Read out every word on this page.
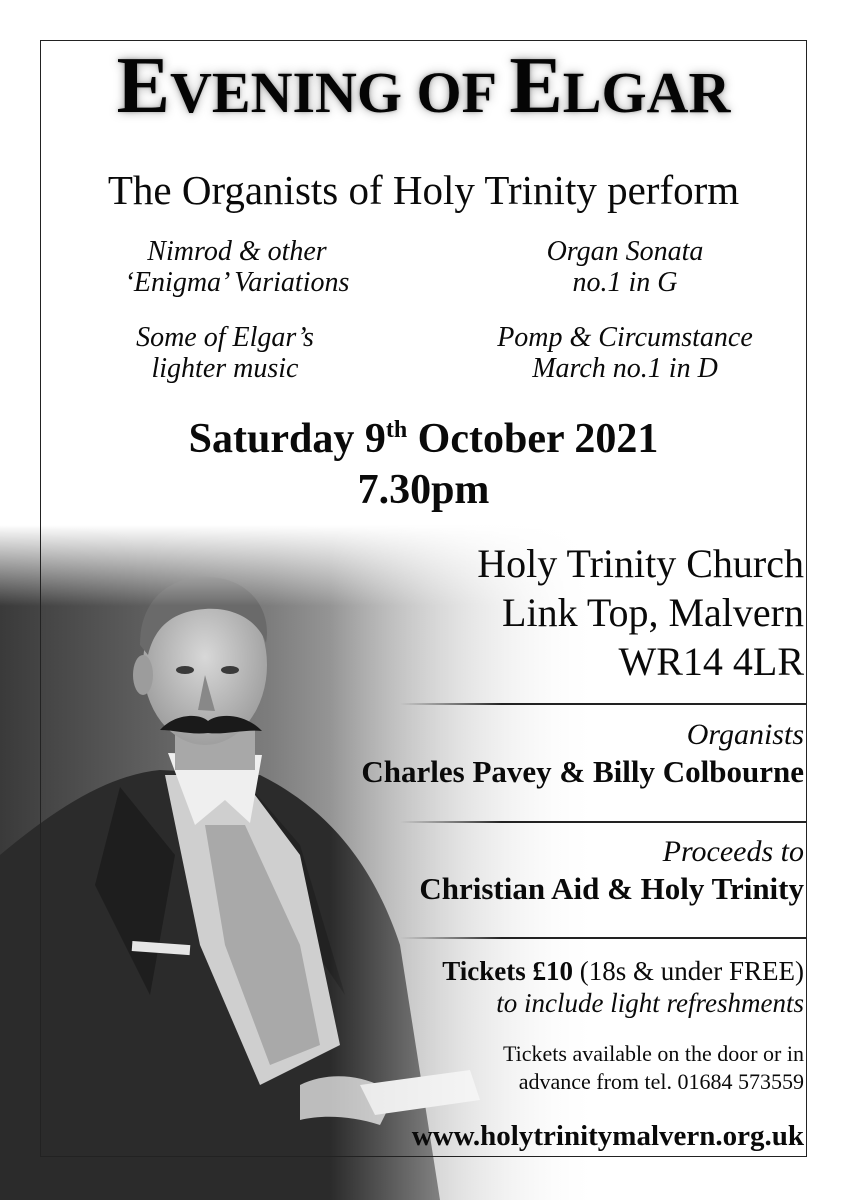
EVENING OF ELGAR
The Organists of Holy Trinity perform
Nimrod & other
‘Enigma’ Variations
Organ Sonata
no.1 in G
Some of Elgar’s
lighter music
Pomp & Circumstance
March no.1 in D
Saturday 9th October 2021
7.30pm
Holy Trinity Church
Link Top, Malvern
WR14 4LR
Organists
Charles Pavey & Billy Colbourne
Proceeds to
Christian Aid & Holy Trinity
Tickets £10 (18s & under FREE)
to include light refreshments
Tickets available on the door or in
advance from tel. 01684 573559
www.holytrinitymalvern.org.uk
